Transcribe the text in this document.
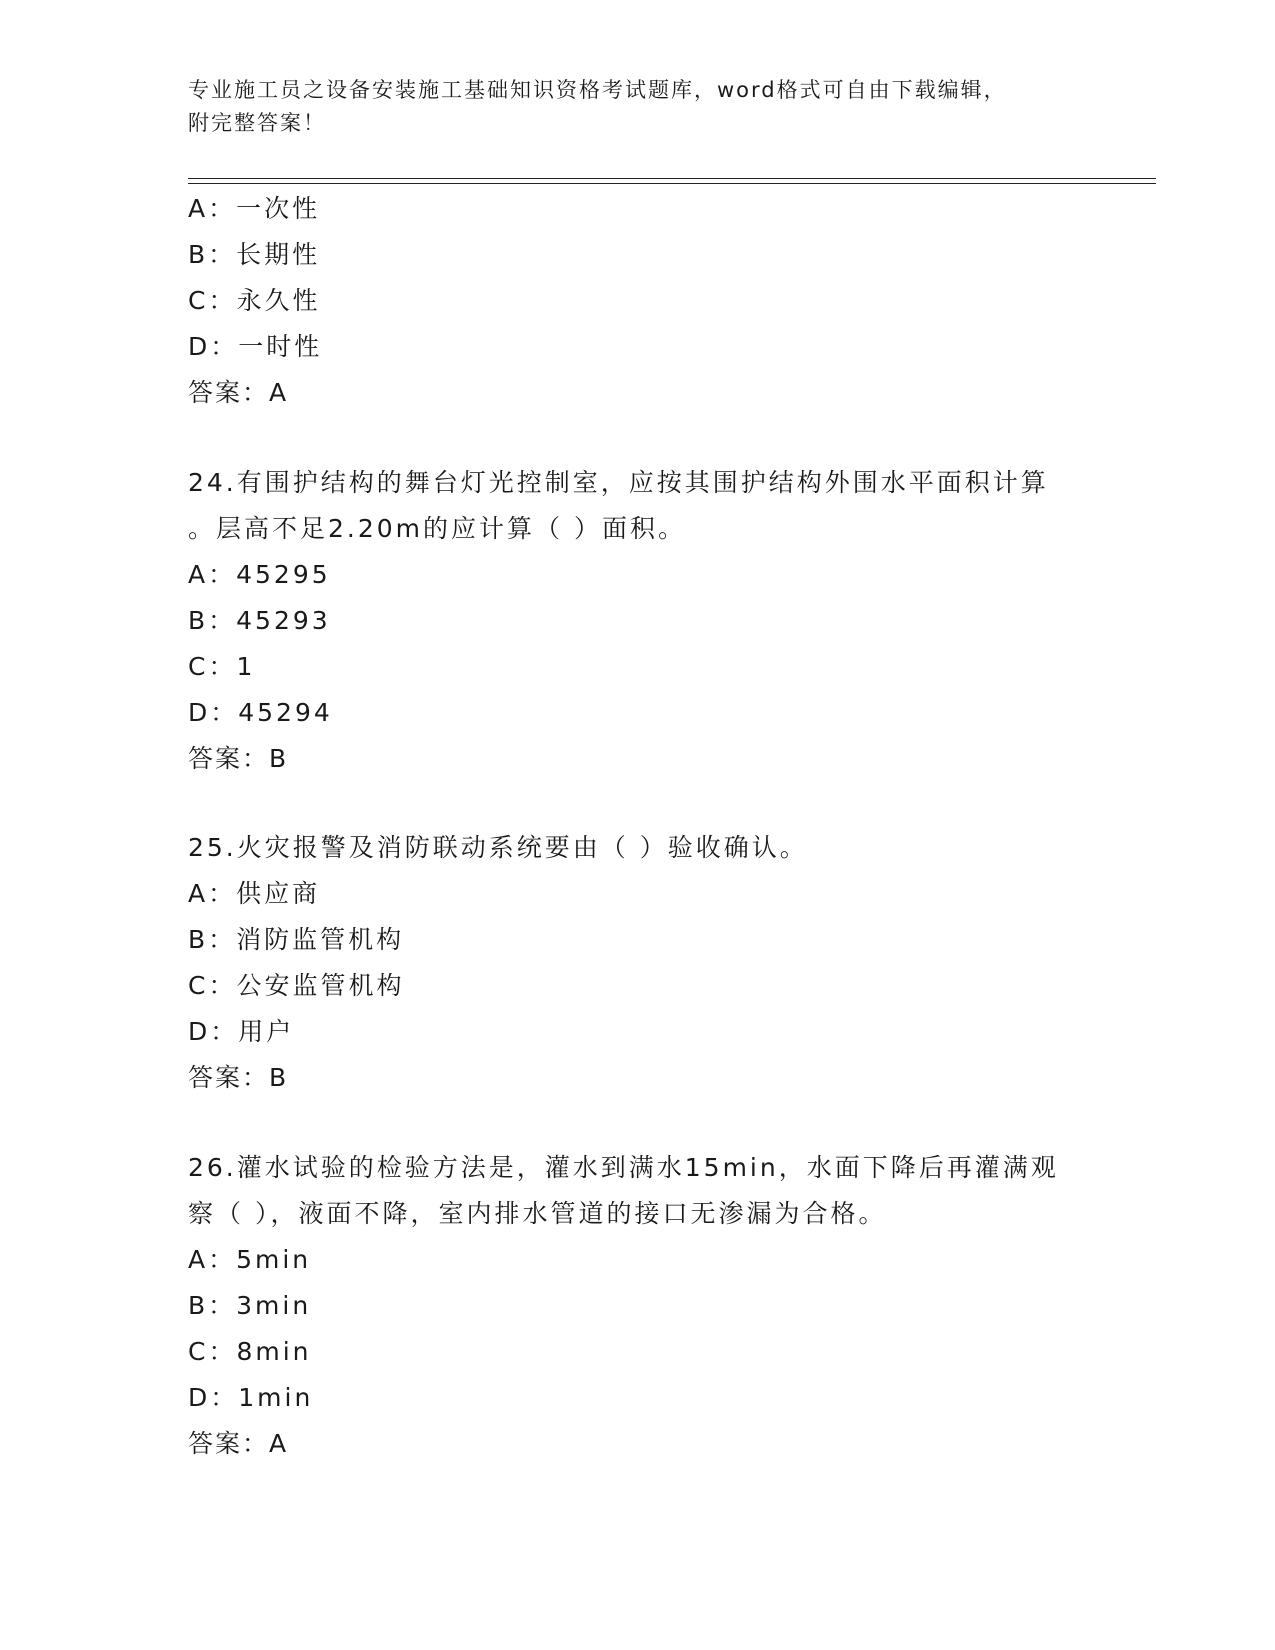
专业施工员之设备安装施工基础知识资格考试题库，word格式可自由下载编辑，
附完整答案！
A：一次性
B：长期性
C：永久性
D：一时性
答案：A
24.有围护结构的舞台灯光控制室，应按其围护结构外围水平面积计算
。层高不足2.20m的应计算（ ）面积。
A：45295
B：45293
C：1
D：45294
答案：B
25.火灾报警及消防联动系统要由（ ）验收确认。
A：供应商
B：消防监管机构
C：公安监管机构
D：用户
答案：B
26.灌水试验的检验方法是，灌水到满水15min，水面下降后再灌满观
察（ ），液面不降，室内排水管道的接口无渗漏为合格。
A：5min
B：3min
C：8min
D：1min
答案：A
